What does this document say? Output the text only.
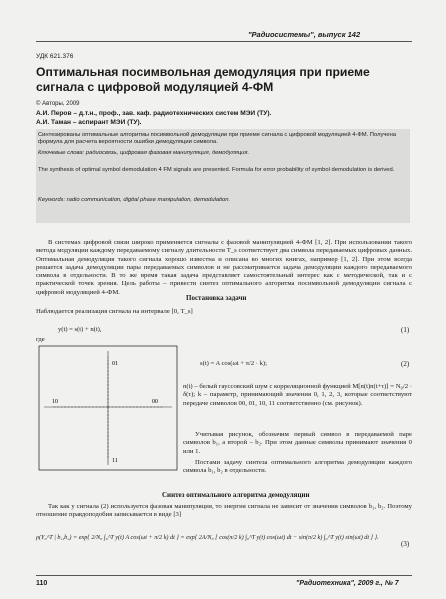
"Радиосистемы", выпуск 142
УДК 621.376
Оптимальная посимвольная демодуляция при приеме сигнала с цифровой модуляцией 4-ФМ
© Авторы, 2009
А.И. Перов – д.т.н., проф., зав. каф. радиотехнических систем МЭИ (ТУ).
А.И. Таман – аспирант МЭИ (ТУ).
Синтезированы оптимальные алгоритмы посимвольной демодуляции при приеме сигнала с цифровой модуляцией 4-ФМ. Получена формула для расчета вероятности ошибки демодуляции символа.
Ключевые слова: радиосвязь, цифровая фазовая манипуляция, демодуляция.
The synthesis of optimal symbol demodulation 4 FM signals are presented. Formula for error probability of symbol demodulation is derived.
Keywords: radio communication, digital phase manipulation, demodulation.
В системах цифровой связи широко применяется сигналы с фазовой манипуляцией 4-ФМ [1, 2]. При использовании такого метода модуляции каждому передаваемому сигналу длительности T_s соответствует два символа передаваемых цифровых данных. Оптимальная демодуляция такого сигнала хорошо известна и описана во многих книгах, например [1, 2]. При этом всегда решается задача демодуляции пары передаваемых символов и не рассматривается задача демодуляции каждого передаваемого символа в отдельности. В то же время такая задача представляет самостоятельный интерес как с методической, так и с практической точек зрения. Цель работы – привести синтез оптимального алгоритма посимвольной демодуляции сигнала с цифровой модуляцией 4-ФМ.
Постановка задачи
Наблюдается реализация сигнала на интервале [0, T_s]
y(t) = s(t) + n(t),	(1)
где
01
10	00
11
s(t) = A cos(ωt + π/2 · k);	(2)
n(t) – белый гауссовский шум с корреляционной функцией M[n(t)n(t+τ)] = N₀/2 · δ(τ); k – параметр, принимающий значения 0, 1, 2, 3, которые соответствуют передаче символов 00, 01, 10, 11 соответственно (см. рисунок).
Учитывая рисунок, обозначим первый символ в передаваемой паре символов b₁, а второй – b₂. При этом данные символы принимают значения 0 или 1.
Постами задачу синтеза оптимального алгоритма демодуляции каждого символа b₁, b₂ в отдельности.
Синтез оптимального алгоритма демодуляции
Так как у сигнала (2) используется фазовая манипуляция, то энергия сигнала не зависит от значения символов b₁, b₂. Поэтому отношение правдоподобия записывается в виде [3]
ρ(Y₀^T | b₁,b₂) = exp{ 2/N₀ ∫₀^T y(t) A cos(ωt + π/2 k) dt } = exp{ 2A/N₀ [ cos(π/2 k) ∫₀^T y(t) cos(ωt) dt − sin(π/2 k) ∫₀^T y(t) sin(ωt) dt ] }.
(3)
110	"Радиотехника", 2009 г., № 7
